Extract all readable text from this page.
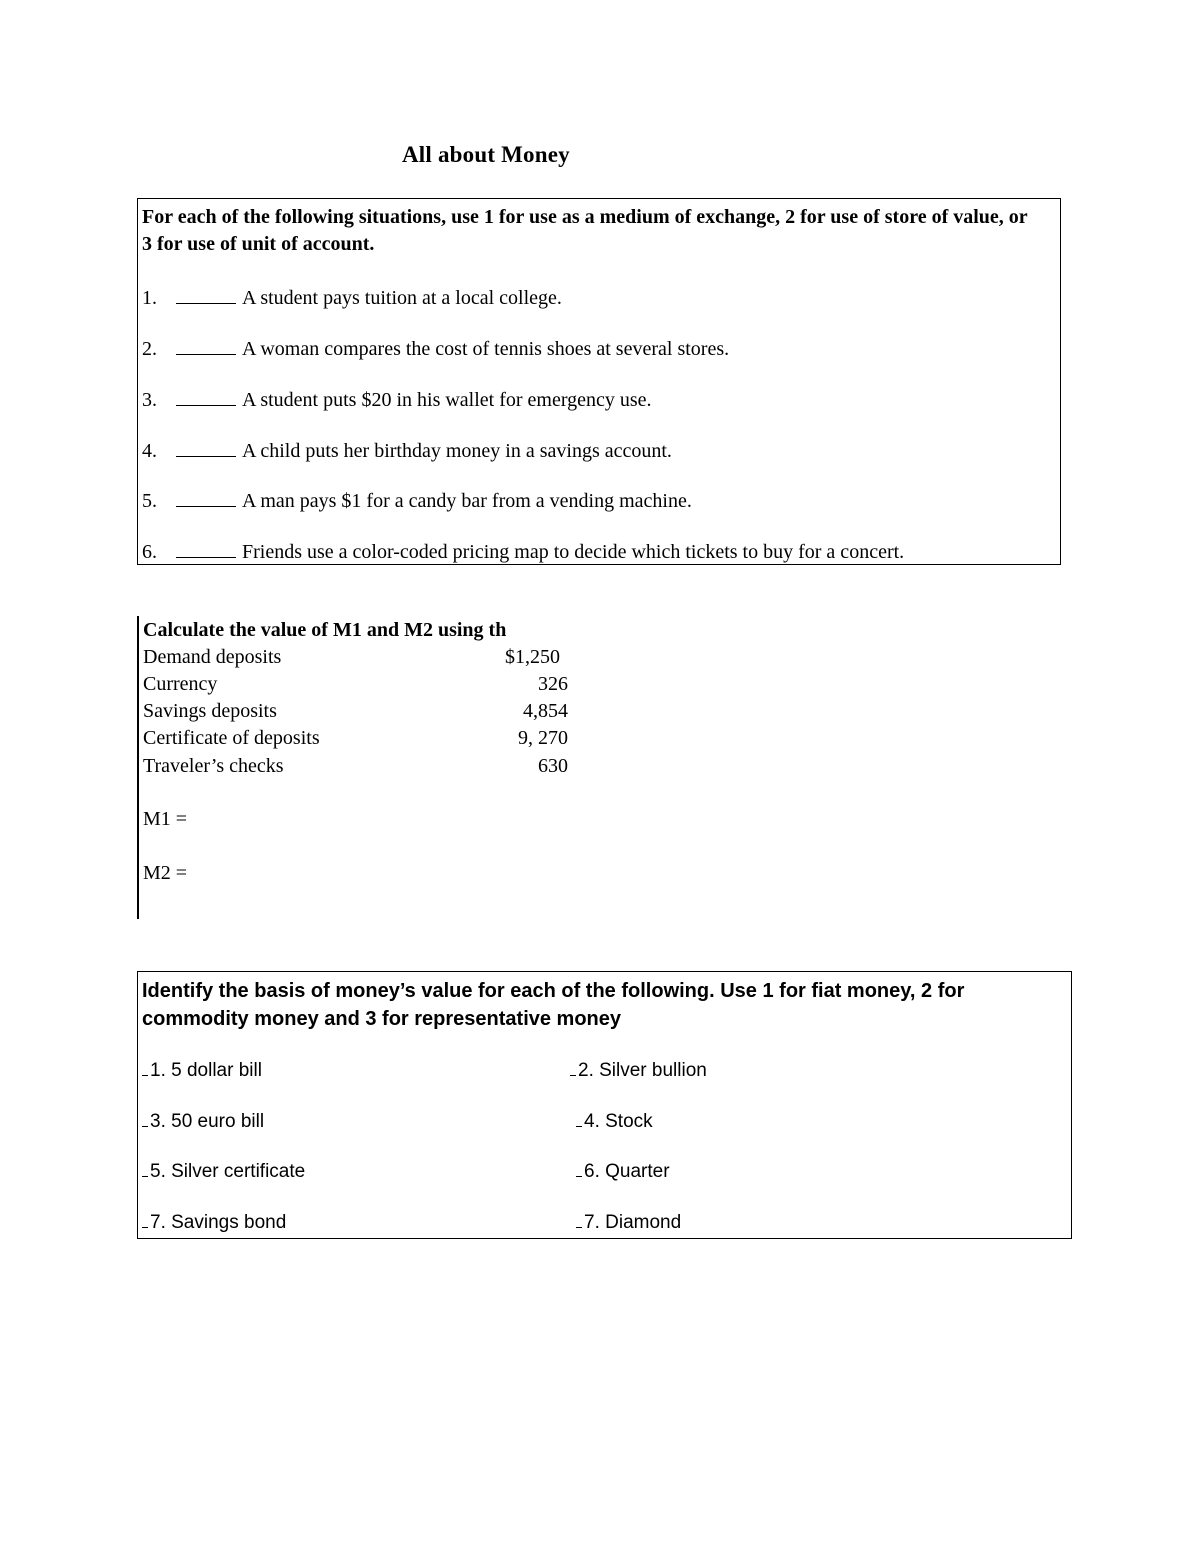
All about Money
For each of the following situations, use 1 for use as a medium of exchange, 2 for use of store of value, or 3 for use of unit of account.
1.	A student pays tuition at a local college.
2.	A woman compares the cost of tennis shoes at several stores.
3.	A student puts $20 in his wallet for emergency use.
4.	A child puts her birthday money in a savings account.
5.	A man pays $1 for a candy bar from a vending machine.
6.	Friends use a color-coded pricing map to decide which tickets to buy for a concert.
Calculate the value of M1 and M2 using th
Demand deposits	$1,250
Currency	326
Savings deposits	4,854
Certificate of deposits	9, 270
Traveler’s checks	630
M1 =
M2 =
Identify the basis of money’s value for each of the following. Use 1 for fiat money, 2 for commodity money and 3 for representative money
1. 5 dollar bill	2. Silver bullion
3. 50 euro bill	4. Stock
5. Silver certificate	6. Quarter
7. Savings bond	7. Diamond
